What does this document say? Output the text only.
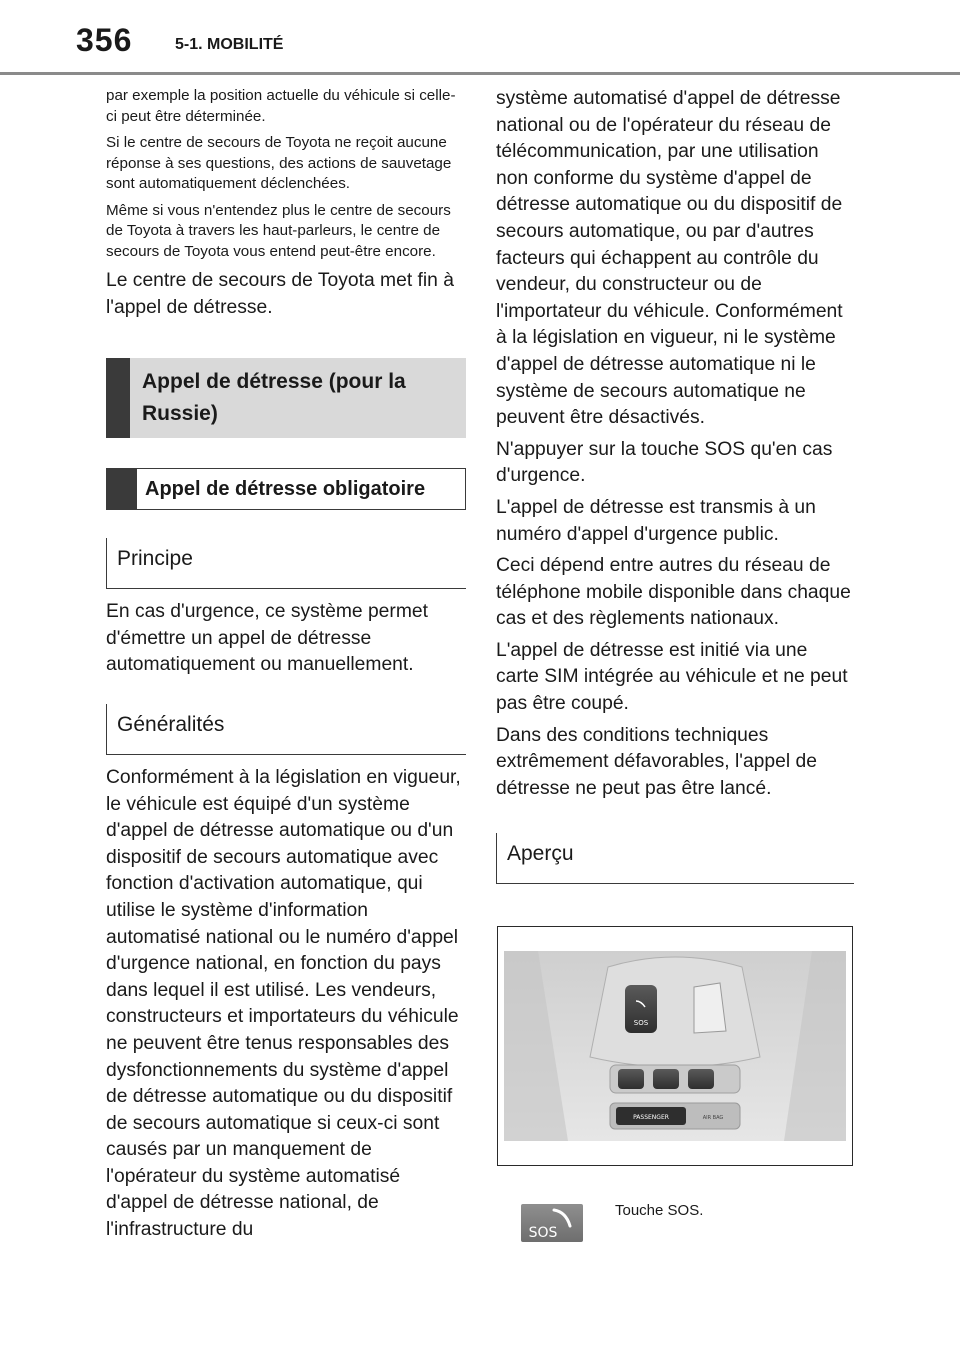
356	5-1. MOBILITÉ

par exemple la position actuelle du véhicule si celle-ci peut être déterminée.

Si le centre de secours de Toyota ne reçoit aucune réponse à ses questions, des actions de sauvetage sont automatiquement déclenchées.

Même si vous n'entendez plus le centre de secours de Toyota à travers les haut-parleurs, le centre de secours de Toyota vous entend peut-être encore.

Le centre de secours de Toyota met fin à l'appel de détresse.

Appel de détresse (pour la Russie)
Appel de détresse obligatoire
Principe

En cas d'urgence, ce système permet d'émettre un appel de détresse automatiquement ou manuellement.

Généralités

Conformément à la législation en vigueur, le véhicule est équipé d'un système d'appel de détresse automatique ou d'un dispositif de secours automatique avec fonction d'activation automatique, qui utilise le système d'information automatisé national ou le numéro d'appel d'urgence national, en fonction du pays dans lequel il est utilisé. Les vendeurs, constructeurs et importateurs du véhicule ne peuvent être tenus responsables des dysfonctionnements du système d'appel de détresse automatique ou du dispositif de secours automatique si ceux-ci sont causés par un manquement de l'opérateur du système automatisé d'appel de détresse national, de l'infrastructure du

système automatisé d'appel de détresse national ou de l'opérateur du réseau de télécommunication, par une utilisation non conforme du système d'appel de détresse automatique ou du dispositif de secours automatique, ou par d'autres facteurs qui échappent au contrôle du vendeur, du constructeur ou de l'importateur du véhicule. Conformément à la législation en vigueur, ni le système d'appel de détresse automatique ni le système de secours automatique ne peuvent être désactivés.

N'appuyer sur la touche SOS qu'en cas d'urgence.

L'appel de détresse est transmis à un numéro d'appel d'urgence public.

Ceci dépend entre autres du réseau de téléphone mobile disponible dans chaque cas et des règlements nationaux.

L'appel de détresse est initié via une carte SIM intégrée au véhicule et ne peut pas être coupé.

Dans des conditions techniques extrêmement défavorables, l'appel de détresse ne peut pas être lancé.

Aperçu
SOS
PASSENGER	AIR BAG
SOS
Touche SOS.
